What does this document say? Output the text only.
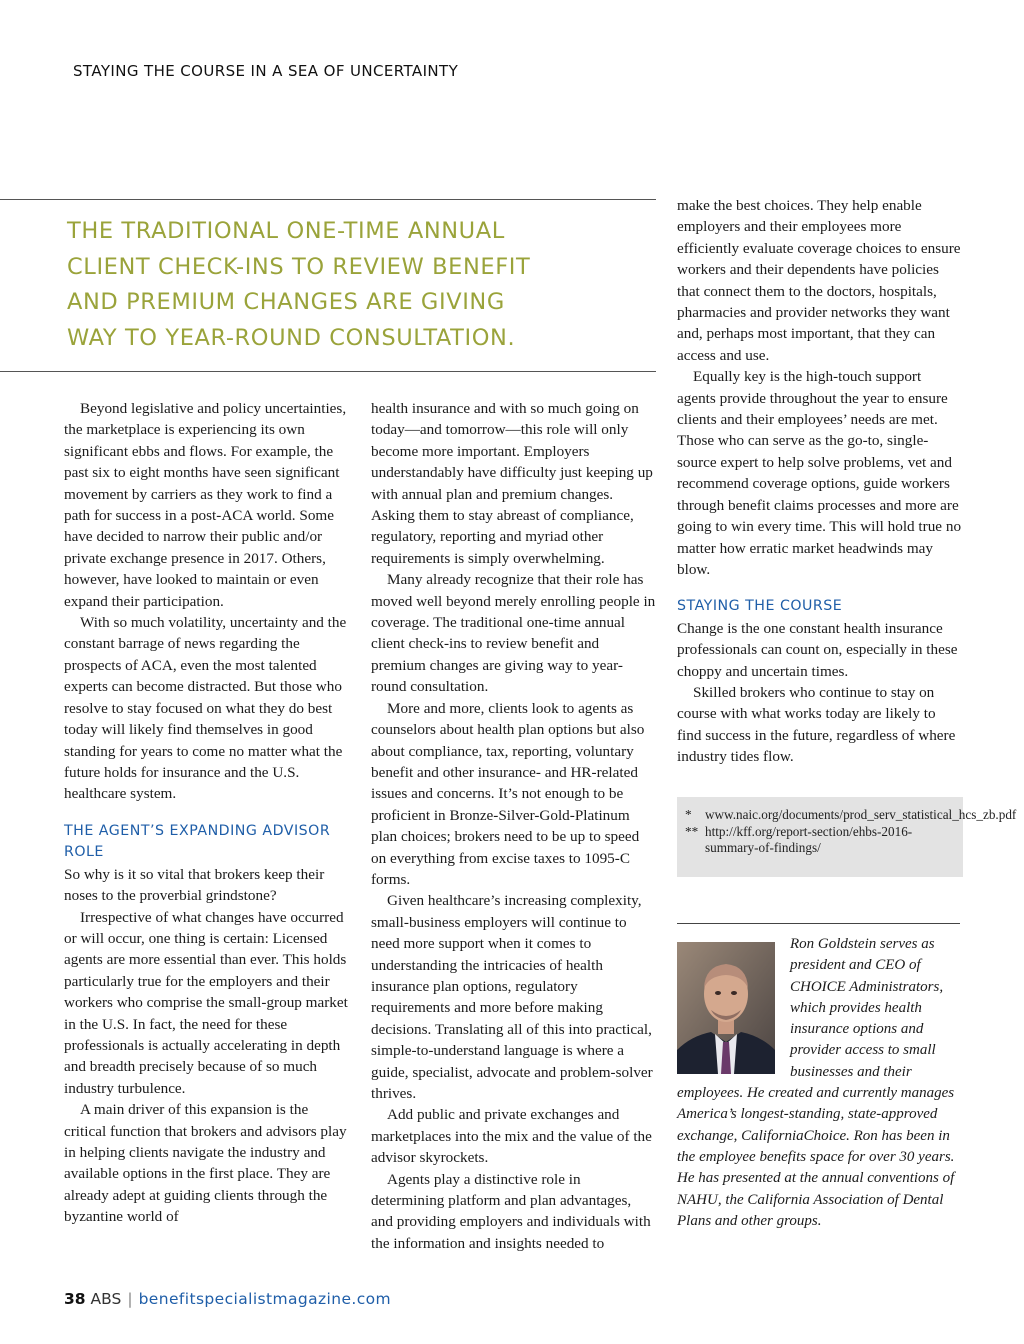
STAYING THE COURSE IN A SEA OF UNCERTAINTY
THE TRADITIONAL ONE-TIME ANNUAL
CLIENT CHECK-INS TO REVIEW BENEFIT
AND PREMIUM CHANGES ARE GIVING
WAY TO YEAR-ROUND CONSULTATION.

Beyond legislative and policy uncertainties, the marketplace is experiencing its own significant ebbs and flows. For example, the past six to eight months have seen significant movement by carriers as they work to find a path for success in a post-ACA world. Some have decided to narrow their public and/or private exchange presence in 2017. Others, however, have looked to maintain or even expand their participation.

With so much volatility, uncertainty and the constant barrage of news regarding the prospects of ACA, even the most talented experts can become distracted. But those who resolve to stay focused on what they do best today will likely find themselves in good standing for years to come no matter what the future holds for insurance and the U.S. healthcare system.

THE AGENT’S EXPANDING ADVISOR ROLE

So why is it so vital that brokers keep their noses to the proverbial grindstone?

Irrespective of what changes have occurred or will occur, one thing is certain: Licensed agents are more essential than ever. This holds particularly true for the employers and their workers who comprise the small-group market in the U.S. In fact, the need for these professionals is actually accelerating in depth and breadth precisely because of so much industry turbulence.

A main driver of this expansion is the critical function that brokers and advisors play in helping clients navigate the industry and available options in the first place. They are already adept at guiding clients through the byzantine world of

health insurance and with so much going on today—and tomorrow—this role will only become more important. Employers understandably have difficulty just keeping up with annual plan and premium changes. Asking them to stay abreast of compliance, regulatory, reporting and myriad other requirements is simply overwhelming.

Many already recognize that their role has moved well beyond merely enrolling people in coverage. The traditional one-time annual client check-ins to review benefit and premium changes are giving way to year-round consultation.

More and more, clients look to agents as counselors about health plan options but also about compliance, tax, reporting, voluntary benefit and other insurance- and HR-related issues and concerns. It’s not enough to be proficient in Bronze-Silver-Gold-Platinum plan choices; brokers need to be up to speed on everything from excise taxes to 1095-C forms.

Given healthcare’s increasing complexity, small-business employers will continue to need more support when it comes to understanding the intricacies of health insurance plan options, regulatory requirements and more before making decisions. Translating all of this into practical, simple-to-understand language is where a guide, specialist, advocate and problem-solver thrives.

Add public and private exchanges and marketplaces into the mix and the value of the advisor skyrockets.

Agents play a distinctive role in determining platform and plan advantages, and providing employers and individuals with the information and insights needed to

make the best choices. They help enable employers and their employees more efficiently evaluate coverage choices to ensure workers and their dependents have policies that connect them to the doctors, hospitals, pharmacies and provider networks they want and, perhaps most important, that they can access and use.

Equally key is the high-touch support agents provide throughout the year to ensure clients and their employees’ needs are met. Those who can serve as the go-to, single-source expert to help solve problems, vet and recommend coverage options, guide workers through benefit claims processes and more are going to win every time. This will hold true no matter how erratic market headwinds may blow.

STAYING THE COURSE

Change is the one constant health insurance professionals can count on, especially in these choppy and uncertain times.

Skilled brokers who continue to stay on course with what works today are likely to find success in the future, regardless of where industry tides flow.

*	www.naic.org/documents/prod_serv_statistical_hcs_zb.pdf
** http://kff.org/report-section/ehbs-2016-summary-of-findings/

Ron Goldstein serves as president and CEO of CHOICE Administrators, which provides health insurance options and provider access to small businesses and their employees. He created and currently manages America’s longest-standing, state-approved exchange, CaliforniaChoice. Ron has been in the employee benefits space for over 30 years. He has presented at the annual conventions of NAHU, the California Association of Dental Plans and other groups.

38 ABS | benefitspecialistmagazine.com
